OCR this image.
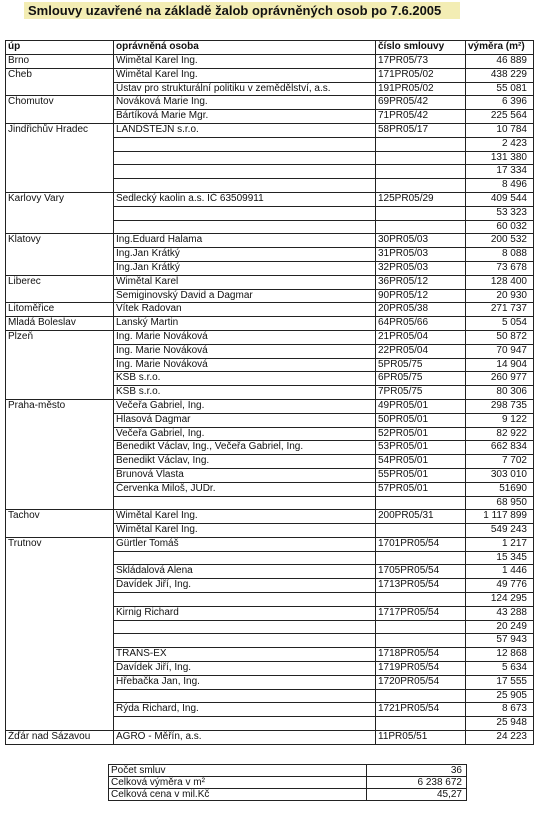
Smlouvy uzavřené na základě žalob oprávněných osob po 7.6.2005
úp	oprávněná osoba	číslo smlouvy	výměra (m²)
Brno	Wimětal Karel Ing.	17PR05/73	46 889
Cheb	Wimětal Karel Ing.	171PR05/02	438 229
	Ústav pro strukturální politiku v zemědělství, a.s.	191PR05/02	55 081
Chomutov	Nováková Marie Ing.	69PR05/42	6 396
	Bártíková Marie Mgr.	71PR05/42	225 564
Jindřichův Hradec	LANDŠTEJN s.r.o.	58PR05/17	10 784
			2 423
			131 380
			17 334
			8 496
Karlovy Vary	Sedlecký kaolin a.s. IČ 63509911	125PR05/29	409 544
			53 323
			60 032
Klatovy	Ing.Eduard Halama	30PR05/03	200 532
	Ing.Jan Krátký	31PR05/03	8 088
	Ing.Jan Krátký	32PR05/03	73 678
Liberec	Wimětal Karel	36PR05/12	128 400
	Semiginovský David a Dagmar	90PR05/12	20 930
Litoměřice	Vítek Radovan	20PR05/38	271 737
Mladá Boleslav	Lanský Martin	64PR05/66	5 054
Plzeň	Ing. Marie Nováková	21PR05/04	50 872
	Ing. Marie Nováková	22PR05/04	70 947
	Ing. Marie Nováková	5PR05/75	14 904
	KSB s.r.o.	6PR05/75	260 977
	KSB s.r.o.	7PR05/75	80 306
Praha-město	Večeřa Gabriel, Ing.	49PR05/01	298 735
	Hlasová Dagmar	50PR05/01	9 122
	Večeřa Gabriel, Ing.	52PR05/01	82 922
	Benedikt Václav, Ing., Večeřa Gabriel, Ing.	53PR05/01	662 834
	Benedikt Václav, Ing.	54PR05/01	7 702
	Brunová Vlasta	55PR05/01	303 010
	Červenka Miloš, JUDr.	57PR05/01	51690
			68 950
Tachov	Wimětal Karel Ing.	200PR05/31	1 117 899
	Wimětal Karel Ing.		549 243
Trutnov	Gürtler Tomáš	1701PR05/54	1 217
			15 345
	Skládalová Alena	1705PR05/54	1 446
	Davídek Jiří, Ing.	1713PR05/54	49 776
			124 295
	Kirnig Richard	1717PR05/54	43 288
			20 249
			57 943
	TRANS-EX	1718PR05/54	12 868
	Davídek Jiří, Ing.	1719PR05/54	5 634
	Hřebačka Jan, Ing.	1720PR05/54	17 555
			25 905
	Rýda Richard, Ing.	1721PR05/54	8 673
			25 948
Žďár nad Sázavou	AGRO - Měřín, a.s.	11PR05/51	24 223
Počet smluv	36
Celková výměra v m²	6 238 672
Celková cena v mil.Kč	45,27
